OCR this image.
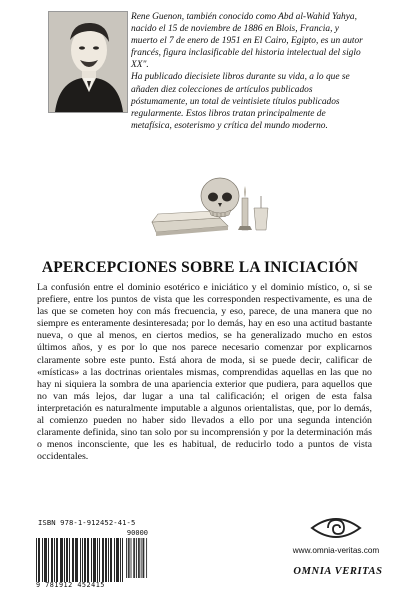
Rene Guenon, también conocido como Abd al-Wahid Yahya, nacido el 15 de noviembre de 1886 en Blois, Francia, y muerto el 7 de enero de 1951 en El Cairo, Egipto, es un autor francés, figura inclasificable del historia intelectual del siglo XX".

Ha publicado diecisiete libros durante su vida, a lo que se añaden diez colecciones de artículos publicados póstumamente, un total de veintisiete títulos publicados regularmente. Estos libros tratan principalmente de metafísica, esoterismo y crítica del mundo moderno.

APERCEPCIONES SOBRE LA INICIACIÓN

La confusión entre el dominio esotérico e iniciático y el dominio místico, o, si se prefiere, entre los puntos de vista que les corresponden respectivamente, es una de las que se cometen hoy con más frecuencia, y eso, parece, de una manera que no siempre es enteramente desinteresada; por lo demás, hay en eso una actitud bastante nueva, o que al menos, en ciertos medios, se ha generalizado mucho en estos últimos años, y es por lo que nos parece necesario comenzar por explicarnos claramente sobre este punto. Está ahora de moda, si se puede decir, calificar de «místicas» a las doctrinas orientales mismas, comprendidas aquellas en las que no hay ni siquiera la sombra de una apariencia exterior que pudiera, para aquellos que no van más lejos, dar lugar a una tal calificación; el origen de esta falsa interpretación es naturalmente imputable a algunos orientalistas, que, por lo demás, al comienzo pueden no haber sido llevados a ello por una segunda intención claramente definida, sino tan solo por su incomprensión y por la determinación más o menos inconsciente, que les es habitual, de reducirlo todo a puntos de vista occidentales.

ISBN 978-1-912452-41-5

90000

9 781912 452415

www.omnia-veritas.com

OMNIA VERITAS
